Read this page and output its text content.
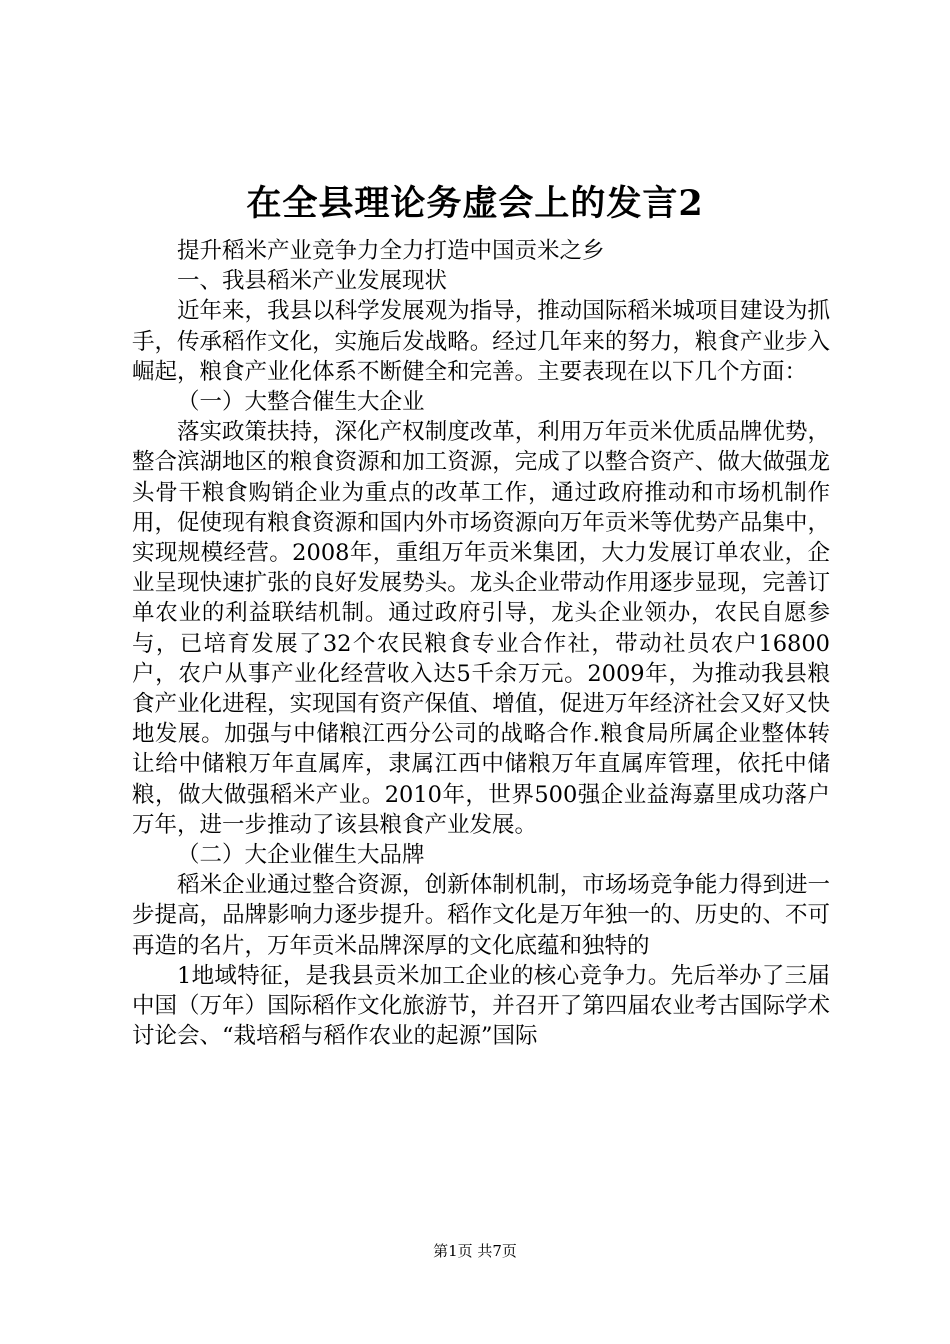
在全县理论务虚会上的发言2

提升稻米产业竞争力全力打造中国贡米之乡

一、我县稻米产业发展现状

近年来，我县以科学发展观为指导，推动国际稻米城项目建设为抓手，传承稻作文化，实施后发战略。经过几年来的努力，粮食产业步入崛起，粮食产业化体系不断健全和完善。主要表现在以下几个方面：

（一）大整合催生大企业

落实政策扶持，深化产权制度改革，利用万年贡米优质品牌优势，整合滨湖地区的粮食资源和加工资源，完成了以整合资产、做大做强龙头骨干粮食购销企业为重点的改革工作，通过政府推动和市场机制作用，促使现有粮食资源和国内外市场资源向万年贡米等优势产品集中，实现规模经营。2008年，重组万年贡米集团，大力发展订单农业，企业呈现快速扩张的良好发展势头。龙头企业带动作用逐步显现，完善订单农业的利益联结机制。通过政府引导，龙头企业领办，农民自愿参与，已培育发展了32个农民粮食专业合作社，带动社员农户16800户，农户从事产业化经营收入达5千余万元。2009年，为推动我县粮食产业化进程，实现国有资产保值、增值，促进万年经济社会又好又快地发展。加强与中储粮江西分公司的战略合作.粮食局所属企业整体转让给中储粮万年直属库，隶属江西中储粮万年直属库管理，依托中储粮，做大做强稻米产业。2010年，世界500强企业益海嘉里成功落户万年，进一步推动了该县粮食产业发展。

（二）大企业催生大品牌

稻米企业通过整合资源，创新体制机制，市场场竞争能力得到进一步提高，品牌影响力逐步提升。稻作文化是万年独一的、历史的、不可再造的名片，万年贡米品牌深厚的文化底蕴和独特的

1地域特征，是我县贡米加工企业的核心竞争力。先后举办了三届中国（万年）国际稻作文化旅游节，并召开了第四届农业考古国际学术讨论会、“栽培稻与稻作农业的起源”国际

第1页 共7页
